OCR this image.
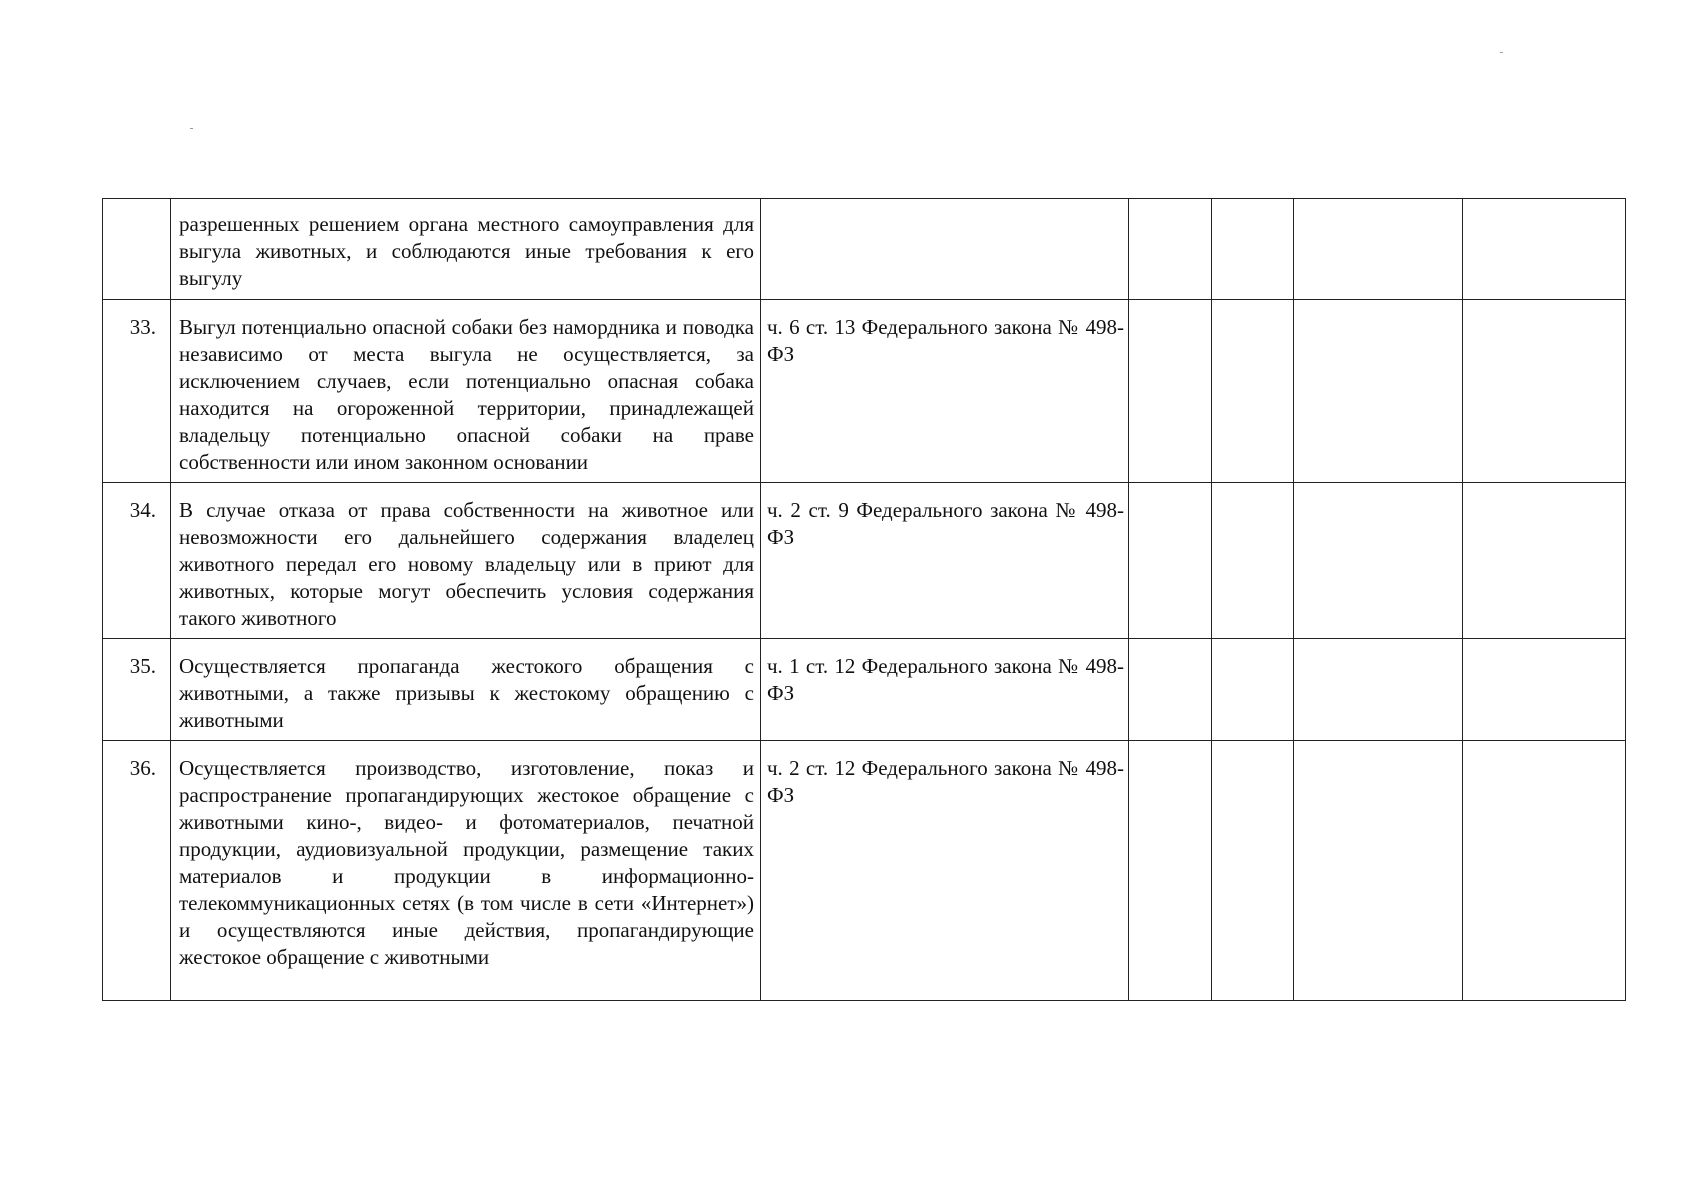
	разрешенных решением органа местного самоуправления для выгула животных, и соблюдаются иные требования к его выгулу					

33.	Выгул потенциально опасной собаки без намордника и поводка независимо от места выгула не осуществляется, за исключением случаев, если потенциально опасная собака находится на огороженной территории, принадлежащей владельцу потенциально опасной собаки на праве собственности или ином законном основании	ч. 6 ст. 13 Федерального закона № 498-ФЗ				

34.	В случае отказа от права собственности на животное или невозможности его дальнейшего содержания владелец животного передал его новому владельцу или в приют для животных, которые могут обеспечить условия содержания такого животного	ч. 2 ст. 9 Федерального закона № 498-ФЗ				

35.	Осуществляется пропаганда жестокого обращения с животными, а также призывы к жестокому обращению с животными	ч. 1 ст. 12 Федерального закона № 498-ФЗ				

36.	Осуществляется производство, изготовление, показ и распространение пропагандирующих жестокое обращение с животными кино-, видео- и фотоматериалов, печатной продукции, аудиовизуальной продукции, размещение таких материалов и продукции в информационно-телекоммуникационных сетях (в том числе в сети «Интернет») и осуществляются иные действия, пропагандирующие жестокое обращение с животными	ч. 2 ст. 12 Федерального закона № 498-ФЗ				
